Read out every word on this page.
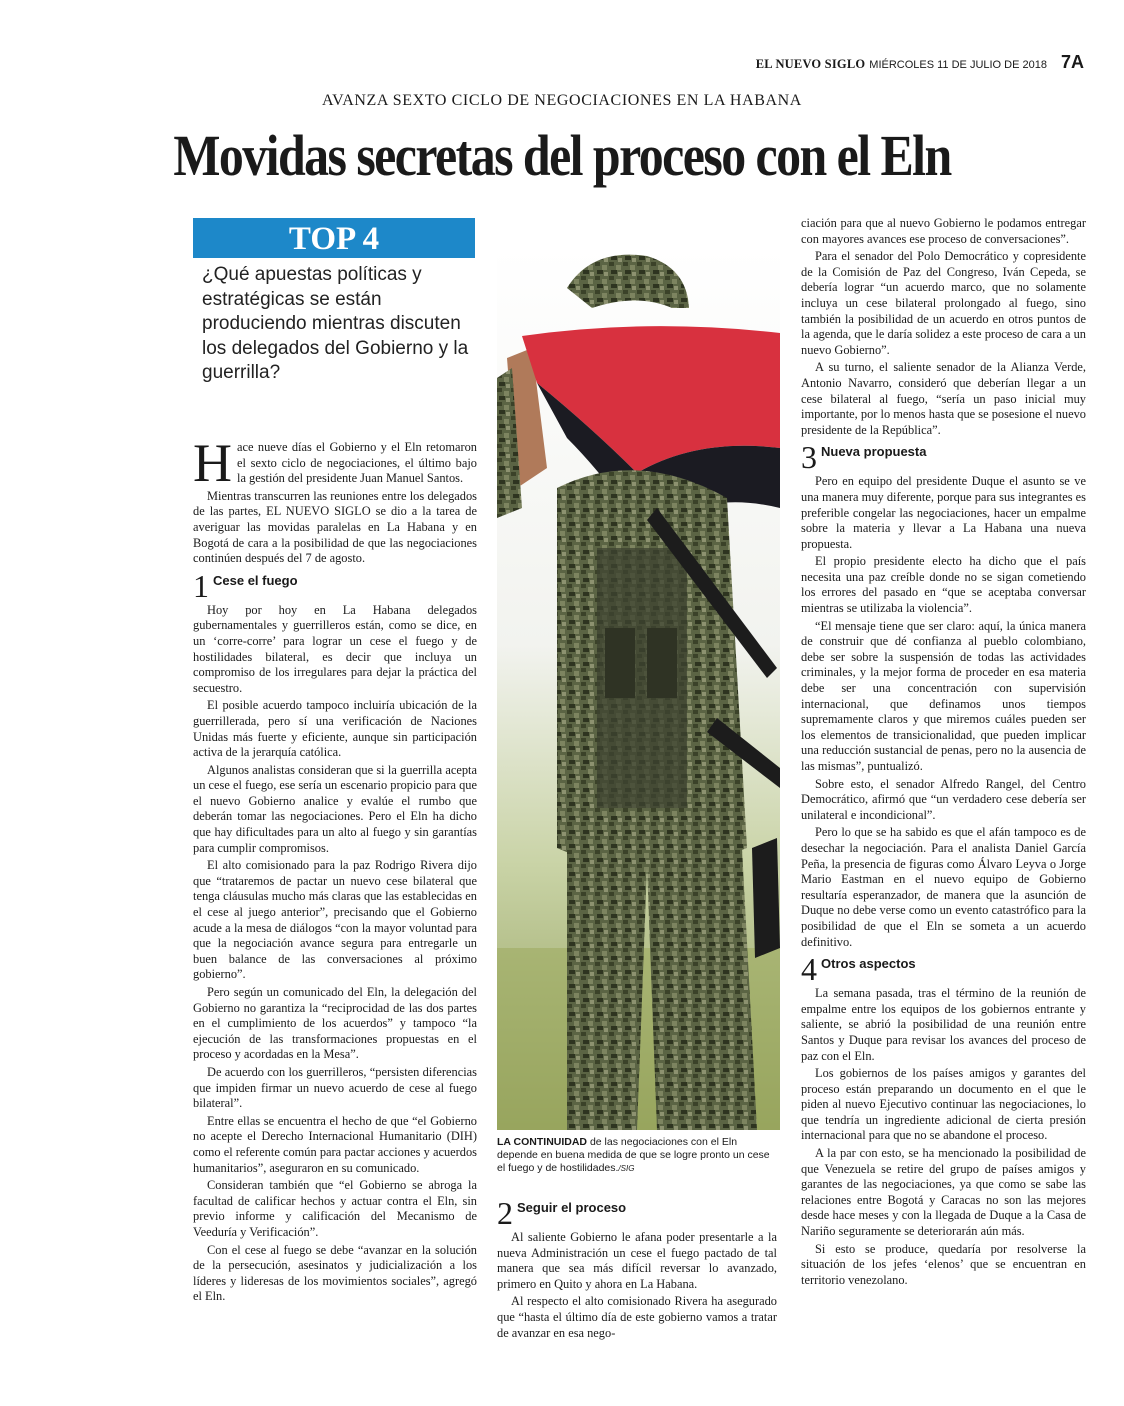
EL NUEVO SIGLO MIÉRCOLES 11 DE JULIO DE 2018 7A
AVANZA SEXTO CICLO DE NEGOCIACIONES EN LA HABANA
Movidas secretas del proceso con el Eln
TOP 4
¿Qué apuestas políticas y estratégicas se están produciendo mientras discuten los delegados del Gobierno y la guerrilla?

Hace nueve días el Gobierno y el Eln retomaron el sexto ciclo de negociaciones, el último bajo la gestión del presidente Juan Manuel Santos.

Mientras transcurren las reuniones entre los delegados de las partes, EL NUEVO SIGLO se dio a la tarea de averiguar las movidas paralelas en La Habana y en Bogotá de cara a la posibilidad de que las negociaciones continúen después del 7 de agosto.

1 Cese el fuego

Hoy por hoy en La Habana delegados gubernamentales y guerrilleros están, como se dice, en un ‘corre-corre’ para lograr un cese el fuego y de hostilidades bilateral, es decir que incluya un compromiso de los irregulares para dejar la práctica del secuestro.

El posible acuerdo tampoco incluiría ubicación de la guerrillerada, pero sí una verificación de Naciones Unidas más fuerte y eficiente, aunque sin participación activa de la jerarquía católica.

Algunos analistas consideran que si la guerrilla acepta un cese el fuego, ese sería un escenario propicio para que el nuevo Gobierno analice y evalúe el rumbo que deberán tomar las negociaciones. Pero el Eln ha dicho que hay dificultades para un alto al fuego y sin garantías para cumplir compromisos.

El alto comisionado para la paz Rodrigo Rivera dijo que “trataremos de pactar un nuevo cese bilateral que tenga cláusulas mucho más claras que las establecidas en el cese al juego anterior”, precisando que el Gobierno acude a la mesa de diálogos “con la mayor voluntad para que la negociación avance segura para entregarle un buen balance de las conversaciones al próximo gobierno”.

Pero según un comunicado del Eln, la delegación del Gobierno no garantiza la “reciprocidad de las dos partes en el cumplimiento de los acuerdos” y tampoco “la ejecución de las transformaciones propuestas en el proceso y acordadas en la Mesa”.

De acuerdo con los guerrilleros, “persisten diferencias que impiden firmar un nuevo acuerdo de cese al fuego bilateral”.

Entre ellas se encuentra el hecho de que “el Gobierno no acepte el Derecho Internacional Humanitario (DIH) como el referente común para pactar acciones y acuerdos humanitarios”, aseguraron en su comunicado.

Consideran también que “el Gobierno se abroga la facultad de calificar hechos y actuar contra el Eln, sin previo informe y calificación del Mecanismo de Veeduría y Verificación”.

Con el cese al fuego se debe “avanzar en la solución de la persecución, asesinatos y judicialización a los líderes y lideresas de los movimientos sociales”, agregó el Eln.

LA CONTINUIDAD de las negociaciones con el Eln depende en buena medida de que se logre pronto un cese el fuego y de hostilidades./SIG
2 Seguir el proceso

Al saliente Gobierno le afana poder presentarle a la nueva Administración un cese el fuego pactado de tal manera que sea más difícil reversar lo avanzado, primero en Quito y ahora en La Habana.

Al respecto el alto comisionado Rivera ha asegurado que “hasta el último día de este gobierno vamos a tratar de avanzar en esa nego-

ciación para que al nuevo Gobierno le podamos entregar con mayores avances ese proceso de conversaciones”.

Para el senador del Polo Democrático y copresidente de la Comisión de Paz del Congreso, Iván Cepeda, se debería lograr “un acuerdo marco, que no solamente incluya un cese bilateral prolongado al fuego, sino también la posibilidad de un acuerdo en otros puntos de la agenda, que le daría solidez a este proceso de cara a un nuevo Gobierno”.

A su turno, el saliente senador de la Alianza Verde, Antonio Navarro, consideró que deberían llegar a un cese bilateral al fuego, “sería un paso inicial muy importante, por lo menos hasta que se posesione el nuevo presidente de la República”.

3 Nueva propuesta

Pero en equipo del presidente Duque el asunto se ve una manera muy diferente, porque para sus integrantes es preferible congelar las negociaciones, hacer un empalme sobre la materia y llevar a La Habana una nueva propuesta.

El propio presidente electo ha dicho que el país necesita una paz creíble donde no se sigan cometiendo los errores del pasado en “que se aceptaba conversar mientras se utilizaba la violencia”.

“El mensaje tiene que ser claro: aquí, la única manera de construir que dé confianza al pueblo colombiano, debe ser sobre la suspensión de todas las actividades criminales, y la mejor forma de proceder en esa materia debe ser una concentración con supervisión internacional, que definamos unos tiempos supremamente claros y que miremos cuáles pueden ser los elementos de transicionalidad, que pueden implicar una reducción sustancial de penas, pero no la ausencia de las mismas”, puntualizó.

Sobre esto, el senador Alfredo Rangel, del Centro Democrático, afirmó que “un verdadero cese debería ser unilateral e incondicional”.

Pero lo que se ha sabido es que el afán tampoco es de desechar la negociación. Para el analista Daniel García Peña, la presencia de figuras como Álvaro Leyva o Jorge Mario Eastman en el nuevo equipo de Gobierno resultaría esperanzador, de manera que la asunción de Duque no debe verse como un evento catastrófico para la posibilidad de que el Eln se someta a un acuerdo definitivo.

4 Otros aspectos

La semana pasada, tras el término de la reunión de empalme entre los equipos de los gobiernos entrante y saliente, se abrió la posibilidad de una reunión entre Santos y Duque para revisar los avances del proceso de paz con el Eln.

Los gobiernos de los países amigos y garantes del proceso están preparando un documento en el que le piden al nuevo Ejecutivo continuar las negociaciones, lo que tendría un ingrediente adicional de cierta presión internacional para que no se abandone el proceso.

A la par con esto, se ha mencionado la posibilidad de que Venezuela se retire del grupo de países amigos y garantes de las negociaciones, ya que como se sabe las relaciones entre Bogotá y Caracas no son las mejores desde hace meses y con la llegada de Duque a la Casa de Nariño seguramente se deteriorarán aún más.

Si esto se produce, quedaría por resolverse la situación de los jefes ‘elenos’ que se encuentran en territorio venezolano.
